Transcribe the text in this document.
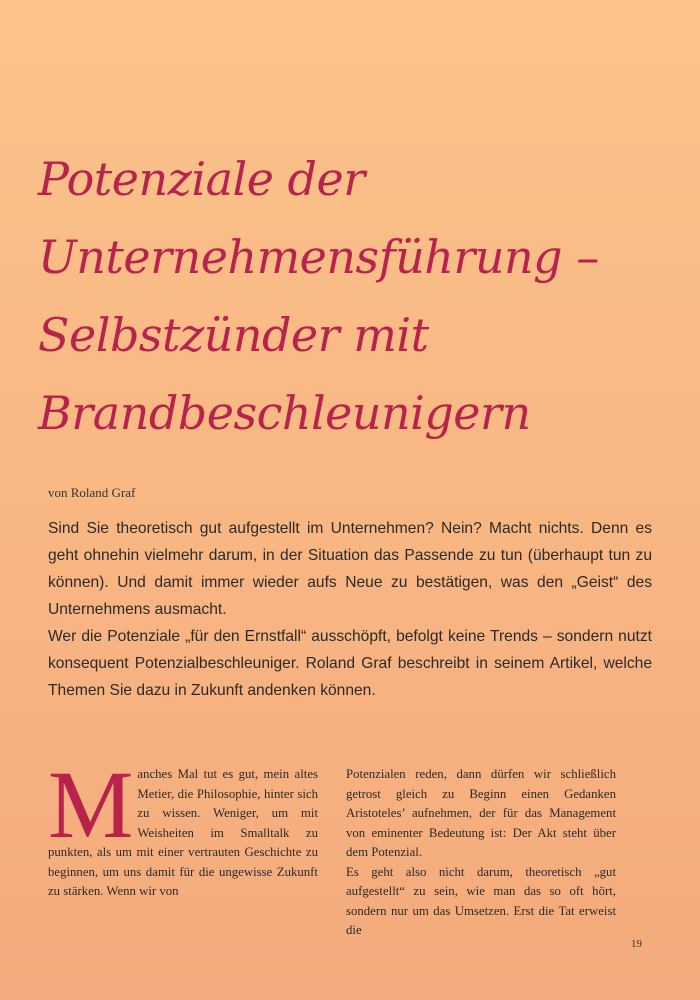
Potenziale der
Unternehmensführung –
Selbstzünder mit
Brandbeschleunigern
von Roland Graf

Sind Sie theoretisch gut aufgestellt im Unternehmen? Nein? Macht nichts. Denn es geht ohnehin vielmehr darum, in der Situation das Passende zu tun (überhaupt tun zu können). Und damit immer wieder aufs Neue zu bestätigen, was den „Geist“ des Unternehmens ausmacht.

Wer die Potenziale „für den Ernstfall“ ausschöpft, befolgt keine Trends – sondern nutzt konsequent Potenzialbeschleuniger. Roland Graf beschreibt in seinem Artikel, welche Themen Sie dazu in Zukunft andenken können.

Manches Mal tut es gut, mein altes Metier, die Philosophie, hinter sich zu wissen. Weniger, um mit Weisheiten im Smalltalk zu punkten, als um mit einer vertrauten Geschichte zu beginnen, um uns damit für die ungewisse Zukunft zu stärken. Wenn wir von

Potenzialen reden, dann dürfen wir schließlich getrost gleich zu Beginn einen Gedanken Aristoteles’ aufnehmen, der für das Management von eminenter Bedeutung ist: Der Akt steht über dem Potenzial.

Es geht also nicht darum, theoretisch „gut aufgestellt“ zu sein, wie man das so oft hört, sondern nur um das Umsetzen. Erst die Tat erweist die

19
